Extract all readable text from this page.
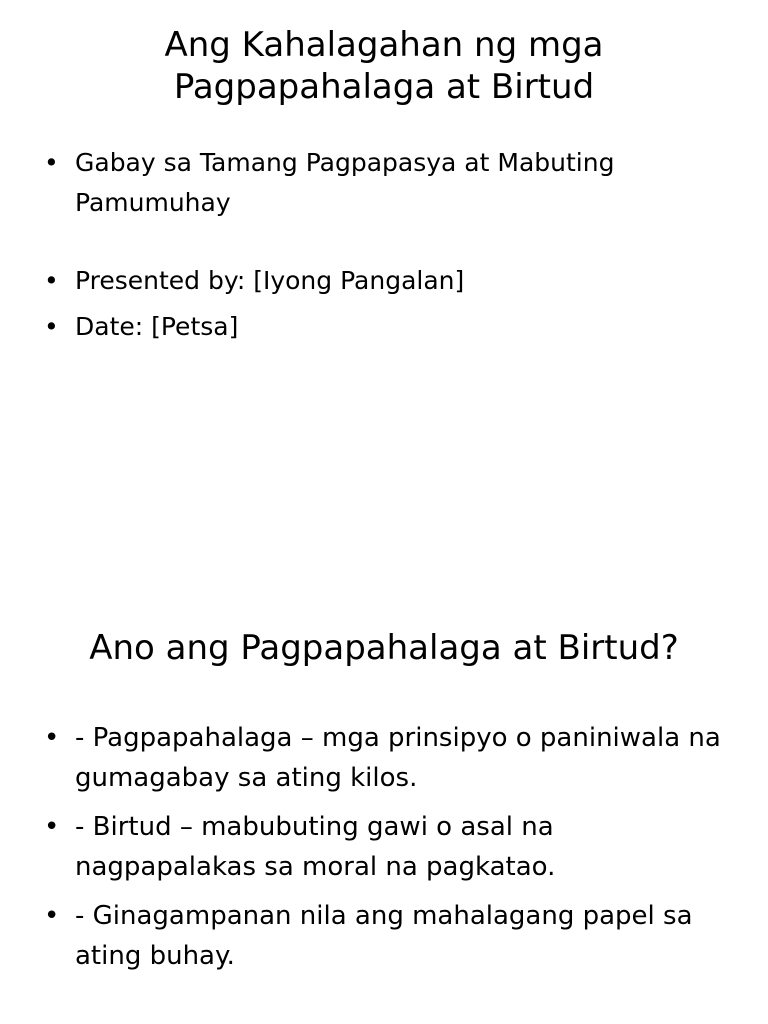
Ang Kahalagahan ng mga
Pagpapahalaga at Birtud
• Gabay sa Tamang Pagpapasya at Mabuting Pamumuhay
• Presented by: [Iyong Pangalan]
• Date: [Petsa]
Ano ang Pagpapahalaga at Birtud?
• - Pagpapahalaga – mga prinsipyo o paniniwala na gumagabay sa ating kilos.
• - Birtud – mabubuting gawi o asal na nagpapalakas sa moral na pagkatao.
• - Ginagampanan nila ang mahalagang papel sa ating buhay.
